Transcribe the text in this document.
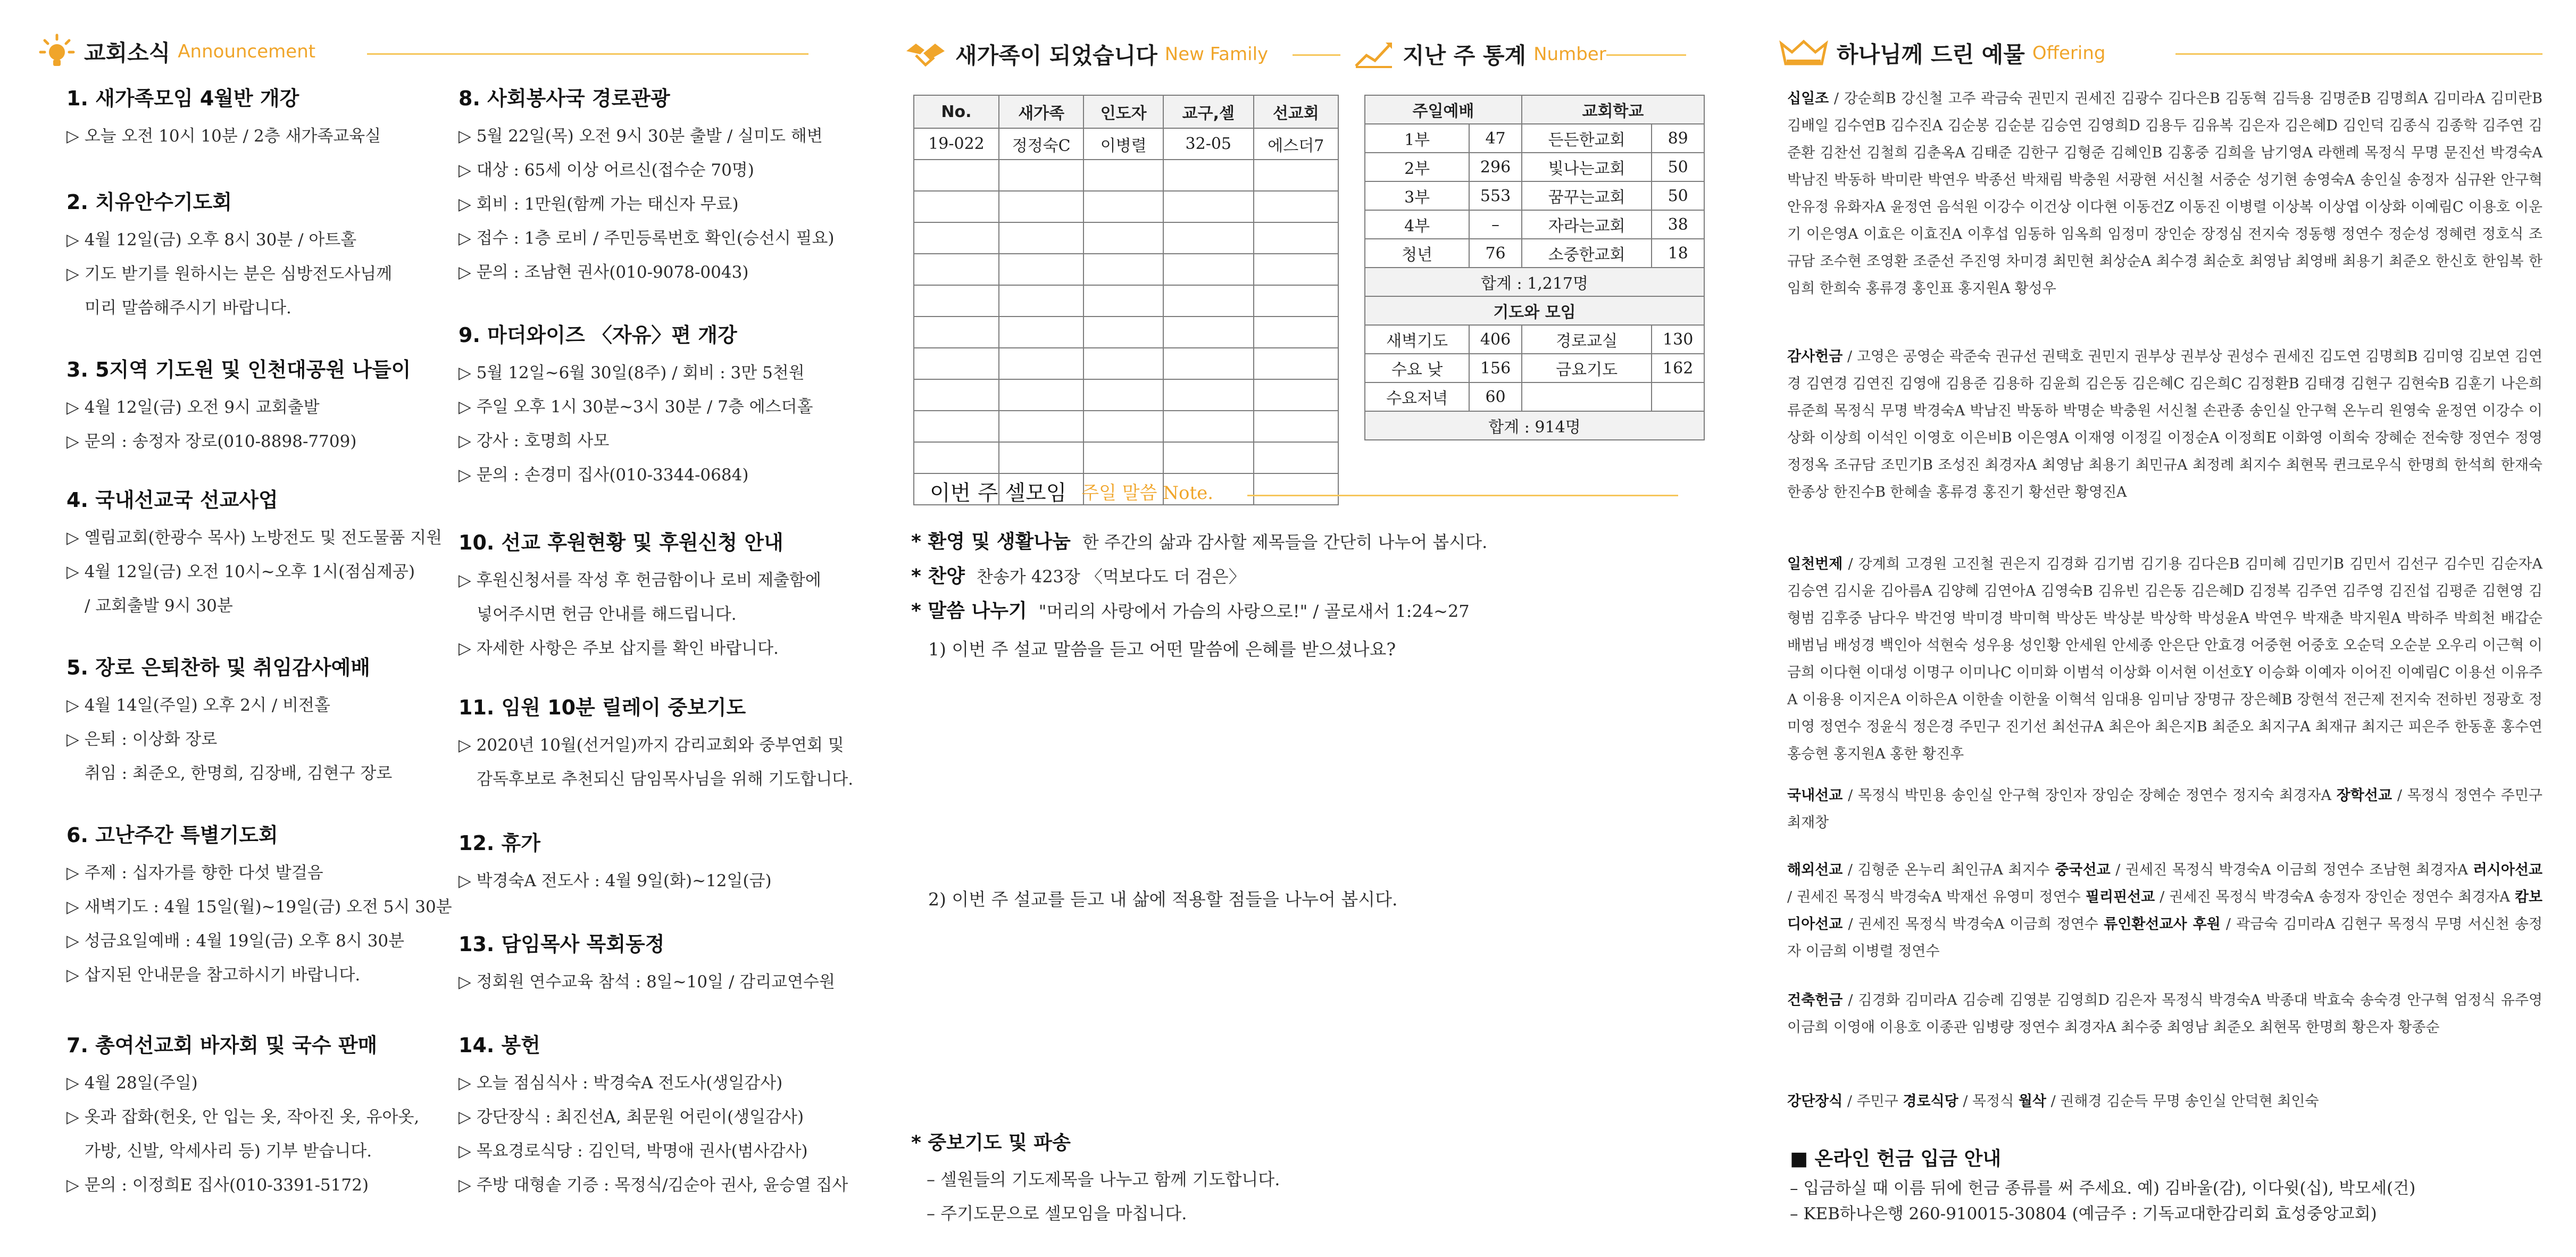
교회소식 Announcement
1. 새가족모임 4월반 개강
▷ 오늘 오전 10시 10분 / 2층 새가족교육실
2. 치유안수기도회
▷ 4월 12일(금) 오후 8시 30분 / 아트홀
▷ 기도 받기를 원하시는 분은 심방전도사님께
미리 말씀해주시기 바랍니다.
3. 5지역 기도원 및 인천대공원 나들이
▷ 4월 12일(금) 오전 9시 교회출발
▷ 문의 : 송정자 장로(010-8898-7709)
4. 국내선교국 선교사업
▷ 옐림교회(한광수 목사) 노방전도 및 전도물품 지원
▷ 4월 12일(금) 오전 10시~오후 1시(점심제공)
/ 교회출발 9시 30분
5. 장로 은퇴찬하 및 취임감사예배
▷ 4월 14일(주일) 오후 2시 / 비전홀
▷ 은퇴 : 이상화 장로
취임 : 최준오, 한명희, 김장배, 김현구 장로
6. 고난주간 특별기도회
▷ 주제 : 십자가를 향한 다섯 발걸음
▷ 새벽기도 : 4월 15일(월)~19일(금) 오전 5시 30분
▷ 성금요일예배 : 4월 19일(금) 오후 8시 30분
▷ 삽지된 안내문을 참고하시기 바랍니다.
7. 총여선교회 바자회 및 국수 판매
▷ 4월 28일(주일)
▷ 옷과 잡화(헌옷, 안 입는 옷, 작아진 옷, 유아옷,
가방, 신발, 악세사리 등) 기부 받습니다.
▷ 문의 : 이정희E 집사(010-3391-5172)
8. 사회봉사국 경로관광
▷ 5월 22일(목) 오전 9시 30분 출발 / 실미도 해변
▷ 대상 : 65세 이상 어르신(접수순 70명)
▷ 회비 : 1만원(함께 가는 태신자 무료)
▷ 접수 : 1층 로비 / 주민등록번호 확인(승선시 필요)
▷ 문의 : 조남현 권사(010-9078-0043)
9. 마더와이즈 〈자유〉편 개강
▷ 5월 12일~6월 30일(8주) / 회비 : 3만 5천원
▷ 주일 오후 1시 30분~3시 30분 / 7층 에스더홀
▷ 강사 : 호명희 사모
▷ 문의 : 손경미 집사(010-3344-0684)
10. 선교 후원현황 및 후원신청 안내
▷ 후원신청서를 작성 후 헌금함이나 로비 제출함에
넣어주시면 헌금 안내를 해드립니다.
▷ 자세한 사항은 주보 삽지를 확인 바랍니다.
11. 임원 10분 릴레이 중보기도
▷ 2020년 10월(선거일)까지 감리교회와 중부연회 및
감독후보로 추천되신 담임목사님을 위해 기도합니다.
12. 휴가
▷ 박경숙A 전도사 : 4월 9일(화)~12일(금)
13. 담임목사 목회동정
▷ 정회원 연수교육 참석 : 8일~10일 / 감리교연수원
14. 봉헌
▷ 오늘 점심식사 : 박경숙A 전도사(생일감사)
▷ 강단장식 : 최진선A, 최문원 어린이(생일감사)
▷ 목요경로식당 : 김인덕, 박명애 권사(범사감사)
▷ 주방 대형솥 기증 : 목정식/김순아 권사, 윤승열 집사
새가족이 되었습니다 New Family	지난 주 통계 Number
No.	새가족	인도자	교구,셀	선교회
19-022	정정숙C	이병렬	32-05	에스더7

주일예배		교회학교	
1부	47	든든한교회	89
2부	296	빛나는교회	50
3부	553	꿈꾸는교회	50
4부	–	자라는교회	38
청년	76	소중한교회	18
합계 : 1,217명			
기도와 모임			
새벽기도	406	경로교실	130
수요 낮	156	금요기도	162
수요저녁	60		
합계 : 914명			
이번 주 셀모임 주일 말씀 Note.
* 환영 및 생활나눔 한 주간의 삶과 감사할 제목들을 간단히 나누어 봅시다.
* 찬양 찬송가 423장 〈먹보다도 더 검은〉
* 말씀 나누기 "머리의 사랑에서 가슴의 사랑으로!" / 골로새서 1:24~27
1) 이번 주 설교 말씀을 듣고 어떤 말씀에 은혜를 받으셨나요?
2) 이번 주 설교를 듣고 내 삶에 적용할 점들을 나누어 봅시다.
* 중보기도 및 파송
– 셀원들의 기도제목을 나누고 함께 기도합니다.
– 주기도문으로 셀모임을 마칩니다.
하나님께 드린 예물 Offering
십일조 / 강순희B 강신철 고주 곽금숙 권민지 권세진 김광수 김다은B 김동혁 김득용 김명준B 김명희A 김미라A 김미란B 김배일 김수연B 김수진A 김순봉 김순분 김승연 김영희D 김용두 김유복 김은자 김은혜D 김인덕 김종식 김종학 김주연 김준환 김찬선 김철희 김춘옥A 김태준 김한구 김형준 김혜인B 김홍중 김희을 남기영A 라핸례 목정식 무명 문진선 박경숙A 박남진 박동하 박미란 박연우 박종선 박채림 박충원 서광현 서신철 서중순 성기현 송영숙A 송인실 송정자 심규완 안구혁 안유정 유화자A 윤정연 음석원 이강수 이건상 이다현 이동건Z 이동진 이병렬 이상복 이상엽 이상화 이예림C 이용호 이운기 이은영A 이효은 이효진A 이후섭 임동하 임옥희 임정미 장인순 장정심 전지숙 정동행 정연수 정순성 정혜련 정호식 조규담 조수현 조영환 조준선 주진영 차미경 최민현 최상순A 최수경 최순호 최영남 최영배 최용기 최준오 한신호 한임복 한임희 한희숙 홍류경 홍인표 홍지원A 황성우
감사헌금 / 고영은 공영순 곽준숙 권규선 권택호 권민지 권부상 권부상 권성수 권세진 김도연 김명희B 김미영 김보연 김연경 김연경 김연진 김영애 김용준 김용하 김윤희 김은동 김은혜C 김은희C 김정환B 김태경 김현구 김현숙B 김훈기 나은희 류준희 목정식 무명 박경숙A 박남진 박동하 박명순 박충원 서신철 손관종 송인실 안구혁 온누리 원영숙 윤정연 이강수 이상화 이상희 이석인 이영호 이은비B 이은영A 이재영 이정길 이정순A 이정희E 이화영 이희숙 장혜순 전숙향 정연수 정영 정정옥 조규담 조민기B 조성진 최경자A 최영남 최용기 최민규A 최정례 최지수 최현목 퀸크로우식 한명희 한석희 한재숙 한종상 한진수B 한혜솔 홍류경 홍진기 황선란 황영진A
일천번제 / 강계희 고경원 고진철 권은지 김경화 김기범 김기용 김다은B 김미혜 김민기B 김민서 김선구 김수민 김순자A 김승연 김시윤 김아름A 김양혜 김연아A 김영숙B 김유빈 김은동 김은혜D 김정복 김주연 김주영 김진섭 김평준 김현영 김형범 김후중 남다우 박건영 박미경 박미혁 박상돈 박상분 박상학 박성윤A 박연우 박재춘 박지원A 박하주 박희천 배갑순 배범님 배성경 백인아 석현숙 성우용 성인황 안세원 안세종 안은단 안효경 어중현 어중호 오순덕 오순분 오우리 이근혁 이금희 이다현 이대성 이명구 이미나C 이미화 이범석 이상화 이서현 이선호Y 이승화 이예자 이어진 이예림C 이용선 이유주A 이융용 이지은A 이하은A 이한솔 이한울 이혁석 임대용 임미남 장명규 장은혜B 장현석 전근제 전지숙 전하빈 정광호 정미영 정연수 정윤식 정은경 주민구 진기선 최선규A 최은아 최은지B 최준오 최지구A 최재규 최지근 피은주 한동훈 홍수연 홍승현 홍지원A 홍한 황진후
국내선교 / 목정식 박민용 송인실 안구혁 장인자 장임순 장혜순 정연수 정지숙 최경자A 장학선교 / 목정식 정연수 주민구 최재창
해외선교 / 김형준 온누리 최인규A 최지수 중국선교 / 권세진 목정식 박경숙A 이금희 정연수 조남현 최경자A 러시아선교 / 권세진 목정식 박경숙A 박재선 유영미 정연수 필리핀선교 / 권세진 목정식 박경숙A 송정자 장인순 정연수 최경자A 캄보디아선교 / 권세진 목정식 박경숙A 이금희 정연수 류인환선교사 후원 / 곽금숙 김미라A 김현구 목정식 무명 서신천 송정자 이금희 이병렬 정연수
건축헌금 / 김경화 김미라A 김승례 김영분 김영희D 김은자 목정식 박경숙A 박종대 박효숙 송숙경 안구혁 엄정식 유주영 이금희 이영애 이용호 이종관 임병량 정연수 최경자A 최수중 최영남 최준오 최현목 한명희 황은자 황종순
강단장식 / 주민구 경로식당 / 목정식 월삭 / 권해경 김순득 무명 송인실 안덕현 최인숙
■ 온라인 헌금 입금 안내
– 입금하실 때 이름 뒤에 헌금 종류를 써 주세요. 예) 김바울(감), 이다윗(십), 박모세(건)
– KEB하나은행 260-910015-30804 (예금주 : 기독교대한감리회 효성중앙교회)
